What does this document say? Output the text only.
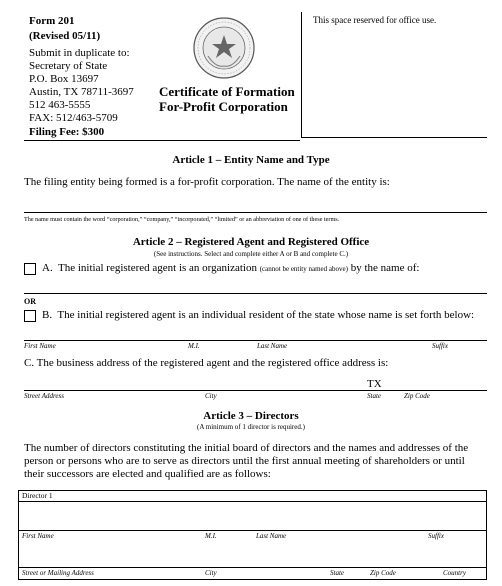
Form 201
(Revised 05/11)
Submit in duplicate to:
Secretary of State
P.O. Box 13697
Austin, TX 78711-3697
512 463-5555
FAX: 512/463-5709
Filing Fee: $300
Certificate of Formation
For-Profit Corporation
This space reserved for office use.
Article 1 – Entity Name and Type
The filing entity being formed is a for-profit corporation. The name of the entity is:
The name must contain the word “corporation,” “company,” “incorporated,” “limited” or an abbreviation of one of these terms.
Article 2 – Registered Agent and Registered Office
(See instructions. Select and complete either A or B and complete C.)
A. The initial registered agent is an organization (cannot be entity named above) by the name of:
OR
B. The initial registered agent is an individual resident of the state whose name is set forth below:
First Name	M.I.	Last Name	Suffix
C. The business address of the registered agent and the registered office address is:
TX
Street Address	City	State	Zip Code
Article 3 – Directors
(A minimum of 1 director is required.)
The number of directors constituting the initial board of directors and the names and addresses of the
person or persons who are to serve as directors until the first annual meeting of shareholders or until
their successors are elected and qualified are as follows:
Director 1
First Name	M.I.	Last Name	Suffix
Street or Mailing Address	City	State	Zip Code	Country
